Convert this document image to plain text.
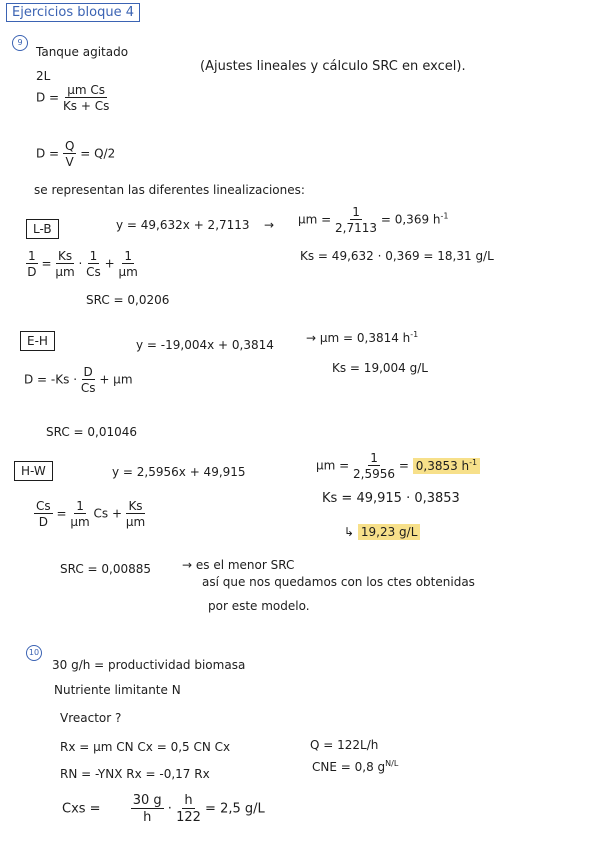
Ejercicios bloque 4
9
Tanque agitado
2L
(Ajustes lineales y cálculo SRC en excel).
$D = \frac{\text{μm Cs}}{Ks + Cs}$
$D = \frac{Q}{V} = Q/2$
se representan las diferentes linealizaciones:
L-B	$y = 49,632x + 2,7113 \to \mu m = \frac{1}{2,7113} = 0,369$ $h^{-1}$
Ks = 49,632 · 0,369 = 18,31 g/L
$\frac{1}{D} = \frac{Ks}{\mu m} \cdot \frac{1}{Cs} + \frac{1}{\mu m}$
SRC = 0,0206
E-H	y = -19,004x + 0,3814	→ μm = 0,3814 $h^{-1}$
Ks = 19,004 g/L
$D = -Ks \cdot \frac{D}{Cs} + \mu m$
SRC = 0,01046
H-W	y = 2,5956x + 49,915	$\mu m = \frac{1}{2,5956} = 0,3853$ $h^{-1}$
Ks = 49,915 · 0,3853
↳ 19,23 g/L
$\frac{Cs}{D} = \frac{1}{\mu m}$ $Cs + \frac{Ks}{\mu m}$
SRC = 0,00885	→ es el menor SRC
así que nos quedamos con los ctes obtenidas
por este modelo.
10
30 g/h = productividad biomasa
Nutriente limitante N
Vreactor ?
Rx = μm CN Cx = 0,5 CN Cx	Q = 122L/h
RN = -YNX Rx = -0,17 Rx	CNE = 0,8 $g^{N/L}$
Cxs = $\frac{30 g}{h} \cdot \frac{h}{122} = 2,5$ g/L
